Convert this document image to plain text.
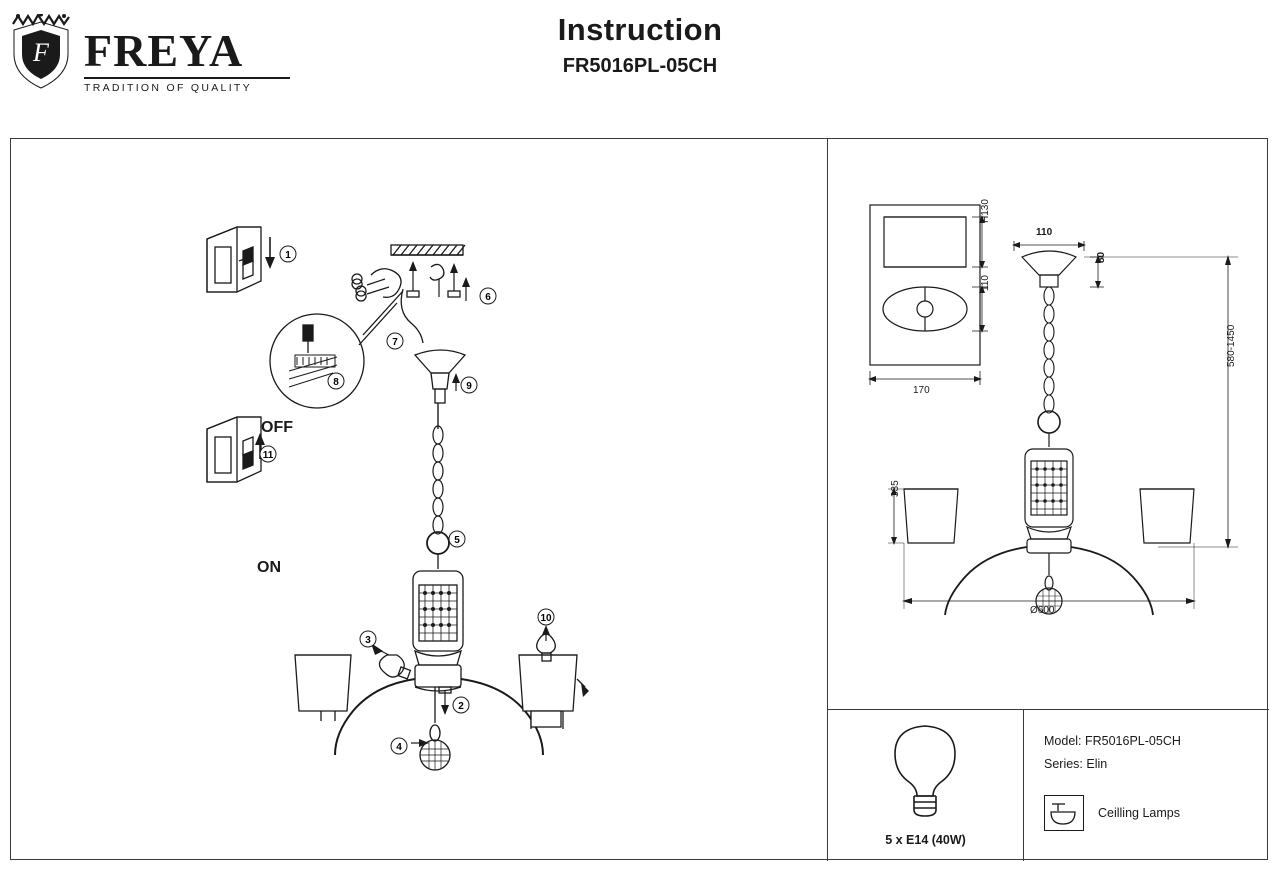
F FREYA
TRADITION OF QUALITY
Instruction
FR5016PL-05CH
1
2
3
4
5
6
7
8	9
10
11
OFF
ON
H130
110
170
110
80
580-1450
335
Ø600
5 x E14 (40W)
Model: FR5016PL-05CH
Series: Elin
Ceilling Lamps
